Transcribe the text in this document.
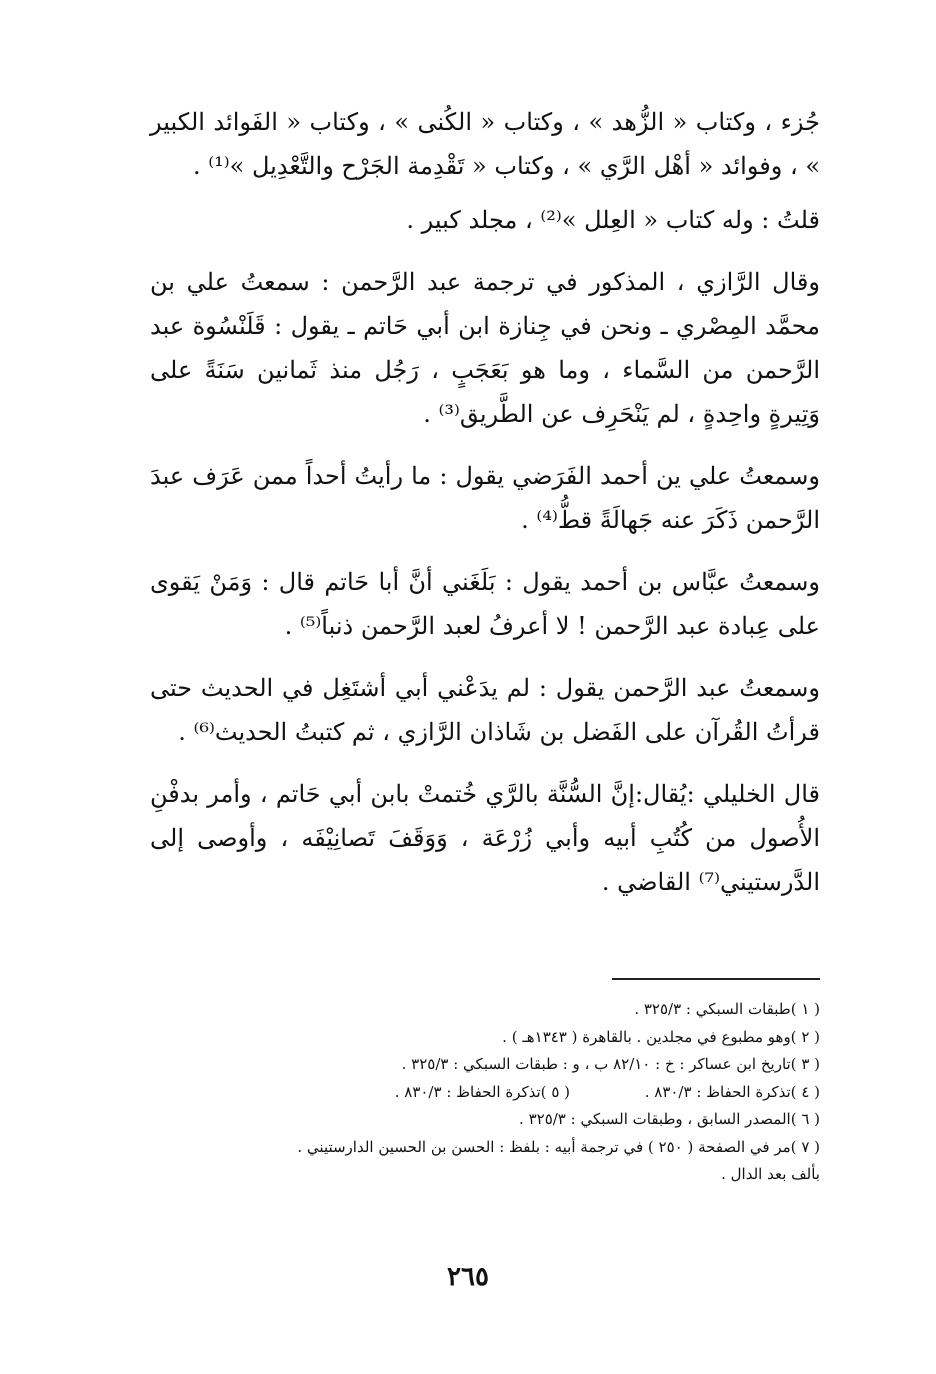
جُزء ، وكتاب « الزُّهد » ، وكتاب « الكُنى » ، وكتاب « الفَوائد الكبير » ، وفوائد « أهْل الرَّي » ، وكتاب « تَقْدِمة الجَرْح والتَّعْدِيل »⁽¹⁾ .

قلتُ : وله كتاب « العِلل »⁽²⁾ ، مجلد كبير .

وقال الرَّازي ، المذكور في ترجمة عبد الرَّحمن : سمعتُ علي بن محمَّد المِصْري ـ ونحن في جِنازة ابن أبي حَاتم ـ يقول : قَلَنْسُوة عبد الرَّحمن من السَّماء ، وما هو بَعَجَبٍ ، رَجُل منذ ثَمانين سَنَةً على وَتِيرةٍ واحِدةٍ ، لم يَنْحَرِف عن الطَّريق⁽³⁾ .

وسمعتُ علي ين أحمد الفَرَضي يقول : ما رأيتُ أحداً ممن عَرَف عبدَ الرَّحمن ذَكَرَ عنه جَهالَةً قطُّ⁽⁴⁾ .

وسمعتُ عبَّاس بن أحمد يقول : بَلَغَني أنَّ أبا حَاتم قال : وَمَنْ يَقوى على عِبادة عبد الرَّحمن ! لا أعرفُ لعبد الرَّحمن ذنباً⁽⁵⁾ .

وسمعتُ عبد الرَّحمن يقول : لم يدَعْني أبي أشتَغِل في الحديث حتى قرأتُ القُرآن على الفَضل بن شَاذان الرَّازي ، ثم كتبتُ الحديث⁽⁶⁾ .

قال الخليلي :يُقال:إنَّ السُّنَّة بالرَّي خُتمتْ بابن أبي حَاتم ، وأمر بدفْنِ الأُصول من كُتُبِ أبيه وأبي زُرْعَة ، وَوَقَفَ تَصانِيْفَه ، وأوصى إلى الدَّرستيني⁽⁷⁾ القاضي .

( ١ )طبقات السبكي : ٣٢٥/٣ .
( ٢ )وهو مطبوع في مجلدين . بالقاهرة ( ١٣٤٣هـ ) .
( ٣ )تاريخ ابن عساكر : خ : ٨٢/١٠ ب ، و : طبقات السبكي : ٣٢٥/٣ .
( ٤ )تذكرة الحفاظ : ٨٣٠/٣ .
( ٥ )تذكرة الحفاظ : ٨٣٠/٣ .
( ٦ )المصدر السابق ، وطبقات السبكي : ٣٢٥/٣ .
( ٧ )مر في الصفحة ( ٢٥٠ ) في ترجمة أبيه : بلفظ : الحسن بن الحسين الدارستيني .
بألف بعد الدال .
٢٦٥
